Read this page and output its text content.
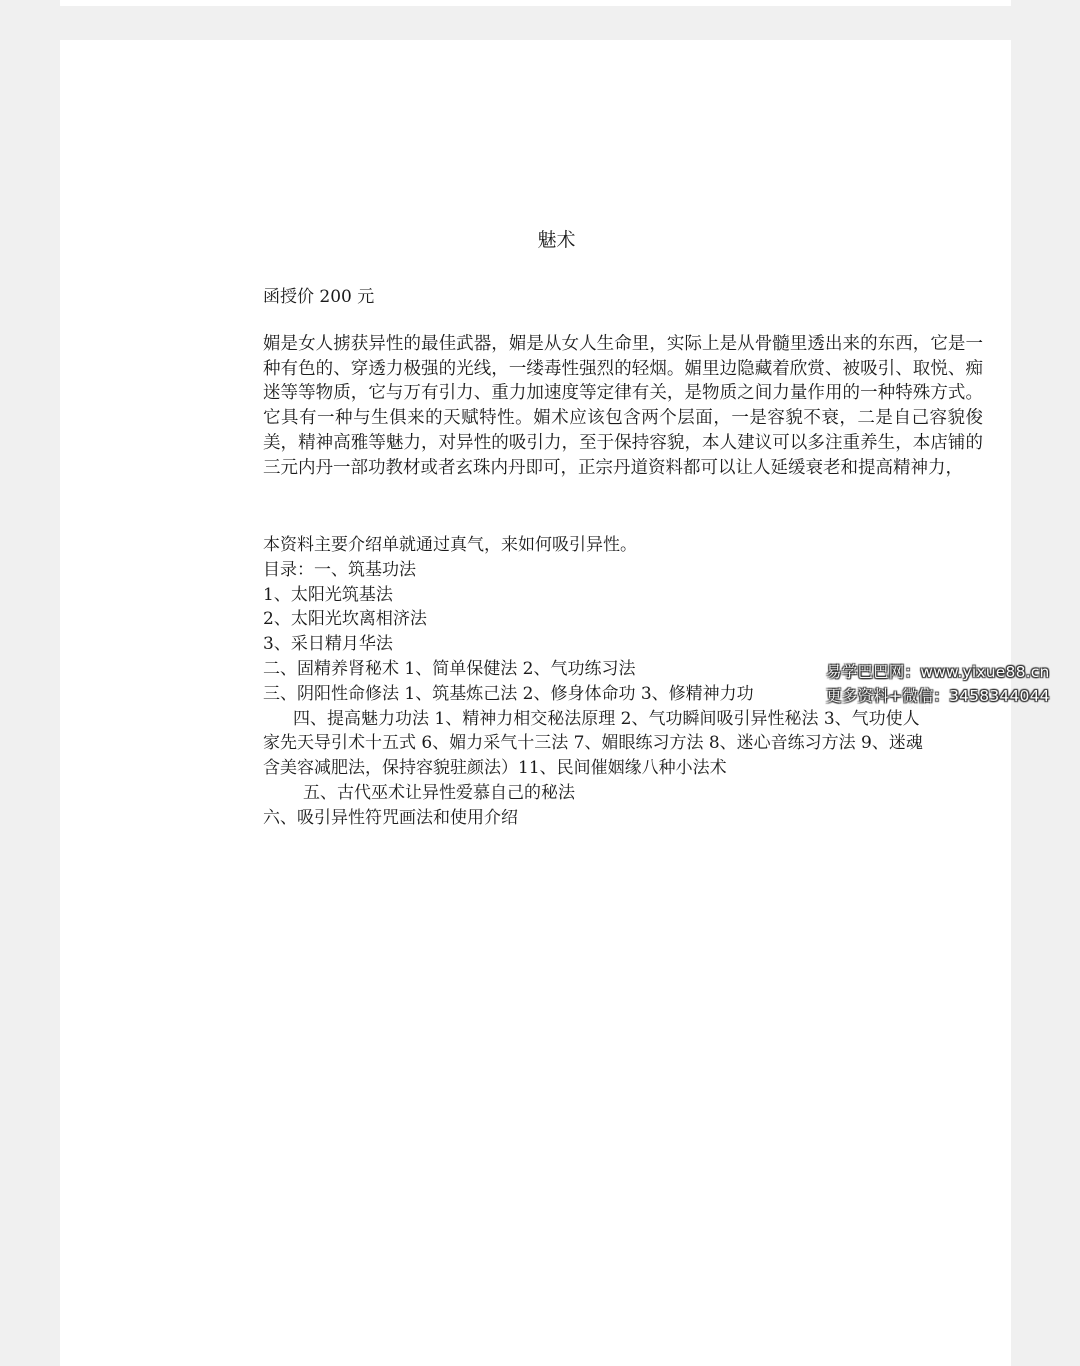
魅术
函授价 200 元
媚是女人掳获异性的最佳武器，媚是从女人生命里，实际上是从骨髓里透出来的东西，它是一种有色的、穿透力极强的光线，一缕毒性强烈的轻烟。媚里边隐藏着欣赏、被吸引、取悦、痴迷等等物质，它与万有引力、重力加速度等定律有关，是物质之间力量作用的一种特殊方式。它具有一种与生俱来的天赋特性。媚术应该包含两个层面，一是容貌不衰，二是自己容貌俊美，精神高雅等魅力，对异性的吸引力，至于保持容貌，本人建议可以多注重养生，本店铺的三元内丹一部功教材或者玄珠内丹即可，正宗丹道资料都可以让人延缓衰老和提高精神力，
本资料主要介绍单就通过真气，来如何吸引异性。
目录：一、筑基功法
1、太阳光筑基法
2、太阳光坎离相济法
3、采日精月华法
二、固精养肾秘术 1、简单保健法 2、气功练习法
三、阴阳性命修法 1、筑基炼己法 2、修身体命功 3、修精神力功
四、提高魅力功法 1、精神力相交秘法原理 2、气功瞬间吸引异性秘法 3、气功使人
家先天导引术十五式 6、媚力采气十三法 7、媚眼练习方法 8、迷心音练习方法 9、迷魂
含美容减肥法，保持容貌驻颜法）11、民间催姻缘八种小法术
五、古代巫术让异性爱慕自己的秘法
六、吸引异性符咒画法和使用介绍
易学巴巴网：www.yixue88.cn
更多资料+微信：3458344044
